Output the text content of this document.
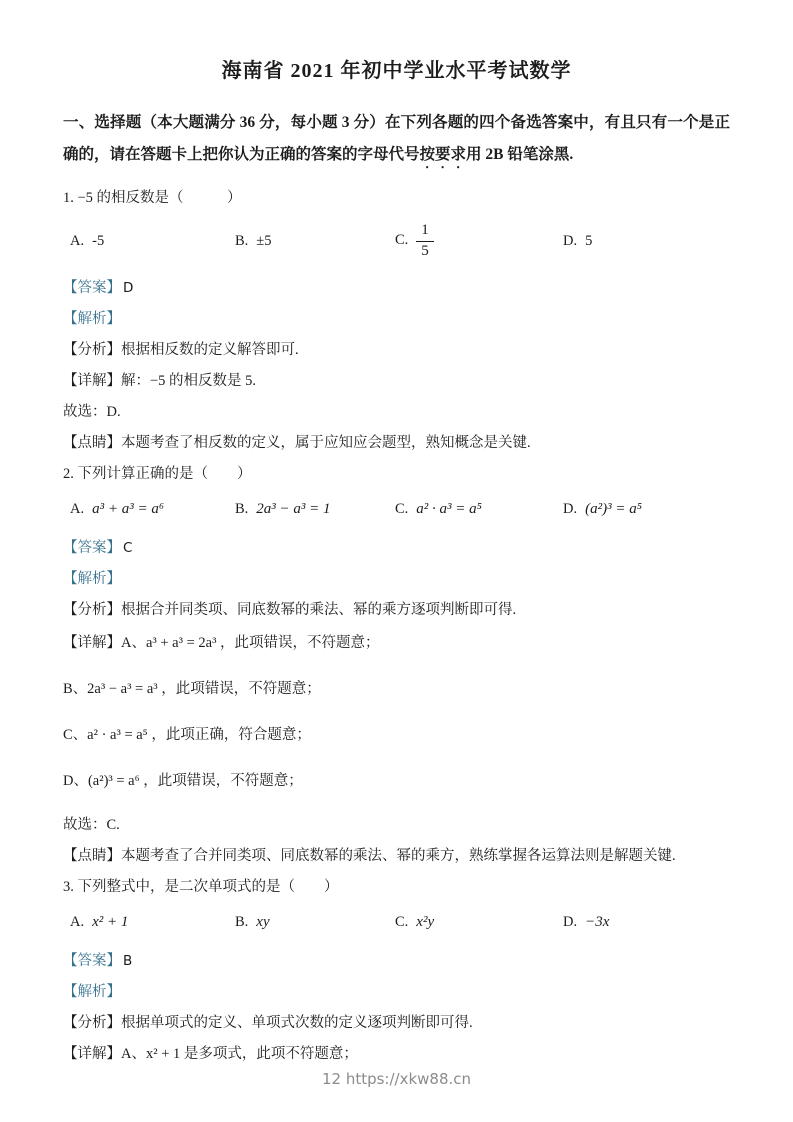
海南省 2021 年初中学业水平考试数学

一、选择题（本大题满分 36 分，每小题 3 分）在下列各题的四个备选答案中，有且只有一个是正确的，请在答题卡上把你认为正确的答案的字母代号按要求用 2B 铅笔涂黑.

1. −5 的相反数是（　　　）

A. -5	B. ±5	C. $\frac{1}{5}$	D. 5

【答案】 D

【解析】

【分析】根据相反数的定义解答即可.

【详解】解：−5 的相反数是 5.

故选：D.

【点睛】本题考查了相反数的定义，属于应知应会题型，熟知概念是关键.

2. 下列计算正确的是（　　）

A. a³ + a³ = a⁶	B. 2a³ − a³ = 1	C. a² · a³ = a⁵	D. (a²)³ = a⁵

【答案】 C

【解析】

【分析】根据合并同类项、同底数幂的乘法、幂的乘方逐项判断即可得.

【详解】A、a³ + a³ = 2a³ ，此项错误，不符题意；

B、2a³ − a³ = a³ ，此项错误，不符题意；

C、a² · a³ = a⁵ ，此项正确，符合题意；

D、(a²)³ = a⁶ ，此项错误，不符题意；

故选：C.

【点睛】本题考查了合并同类项、同底数幂的乘法、幂的乘方，熟练掌握各运算法则是解题关键.

3. 下列整式中，是二次单项式的是（　　）

A. x² + 1	B. xy	C. x²y	D. −3x

【答案】 B

【解析】

【分析】根据单项式的定义、单项式次数的定义逐项判断即可得.

【详解】A、x² + 1 是多项式，此项不符题意；

12 https://xkw88.cn
